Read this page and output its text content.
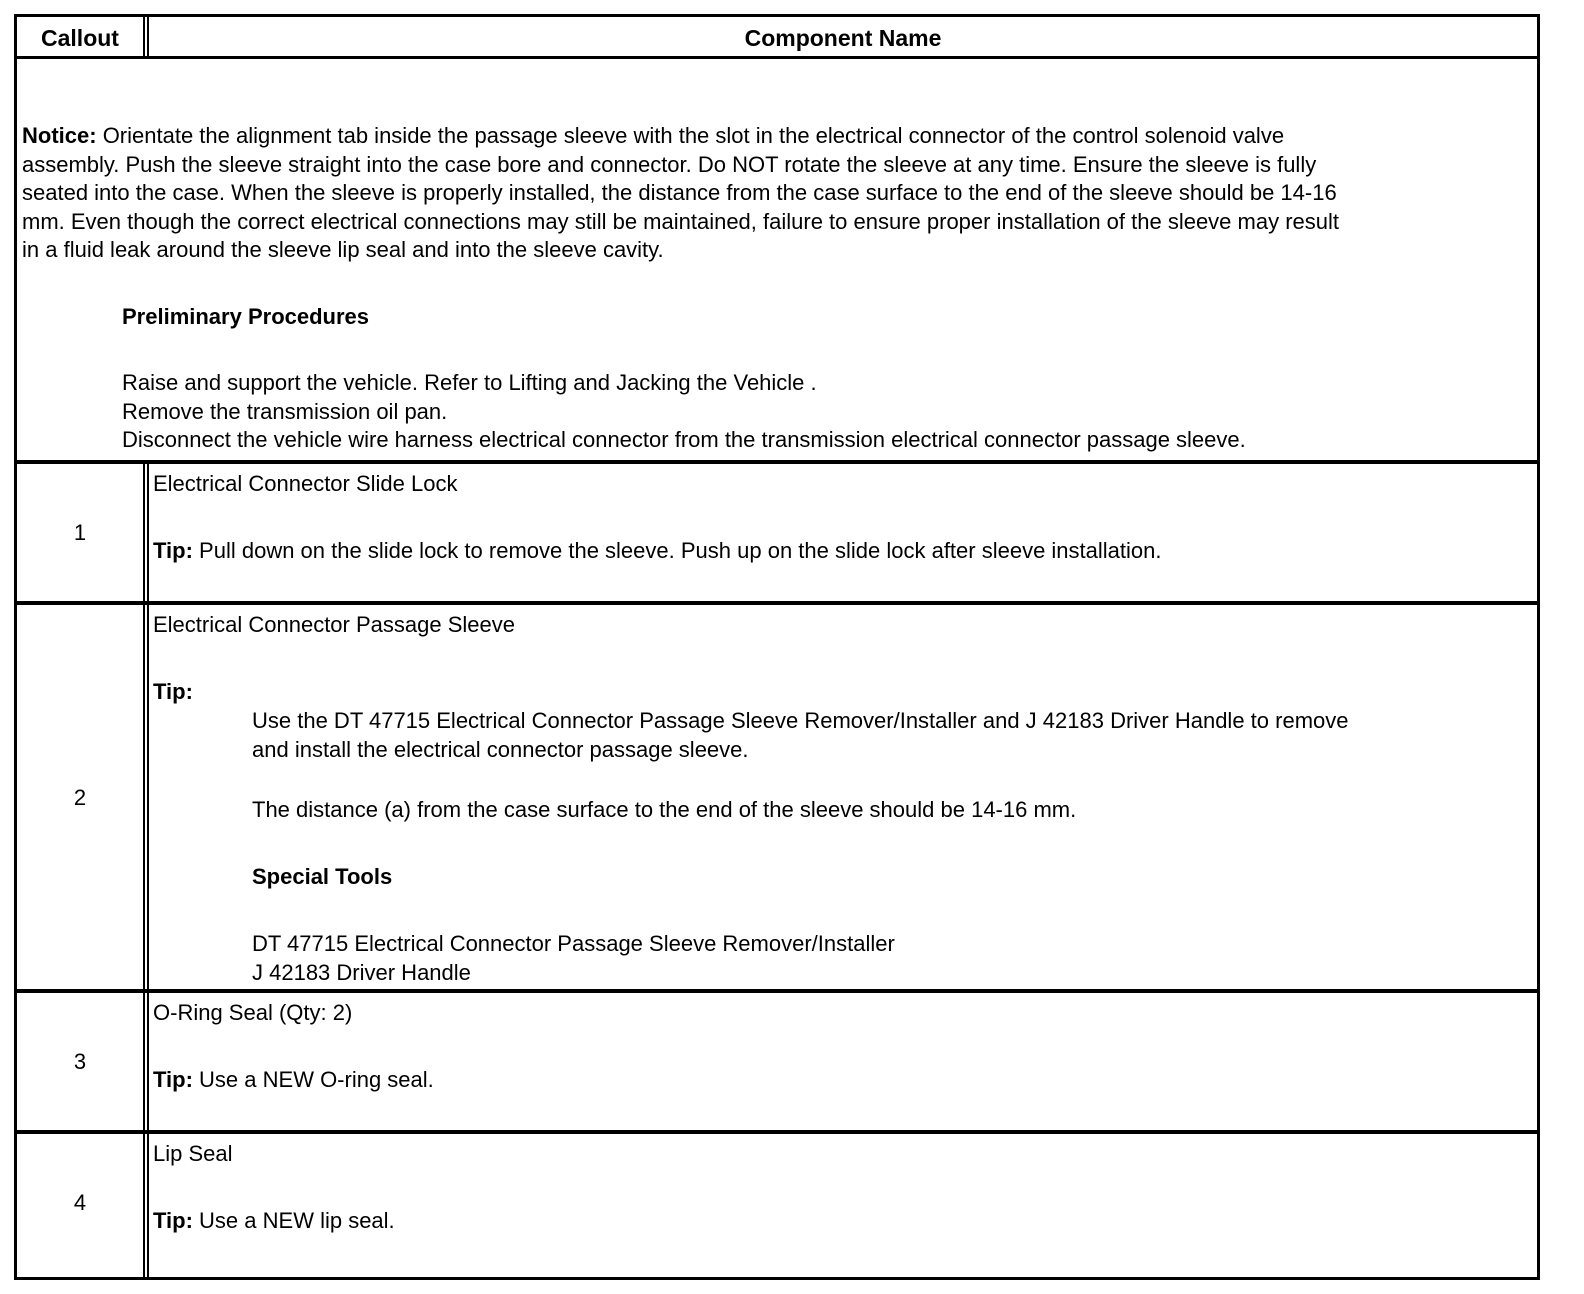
Callout	Component Name
Notice: Orientate the alignment tab inside the passage sleeve with the slot in the electrical connector of the control solenoid valve
assembly. Push the sleeve straight into the case bore and connector. Do NOT rotate the sleeve at any time. Ensure the sleeve is fully
seated into the case. When the sleeve is properly installed, the distance from the case surface to the end of the sleeve should be 14-16
mm. Even though the correct electrical connections may still be maintained, failure to ensure proper installation of the sleeve may result
in a fluid leak around the sleeve lip seal and into the sleeve cavity.
Preliminary Procedures
Raise and support the vehicle. Refer to Lifting and Jacking the Vehicle .
Remove the transmission oil pan.
Disconnect the vehicle wire harness electrical connector from the transmission electrical connector passage sleeve.
1
Electrical Connector Slide Lock
Tip: Pull down on the slide lock to remove the sleeve. Push up on the slide lock after sleeve installation.
2
Electrical Connector Passage Sleeve
Tip:
Use the DT 47715 Electrical Connector Passage Sleeve Remover/Installer and J 42183 Driver Handle to remove
and install the electrical connector passage sleeve.
The distance (a) from the case surface to the end of the sleeve should be 14-16 mm.
Special Tools
DT 47715 Electrical Connector Passage Sleeve Remover/Installer
J 42183 Driver Handle
3
O-Ring Seal (Qty: 2)
Tip: Use a NEW O-ring seal.
4
Lip Seal
Tip: Use a NEW lip seal.
